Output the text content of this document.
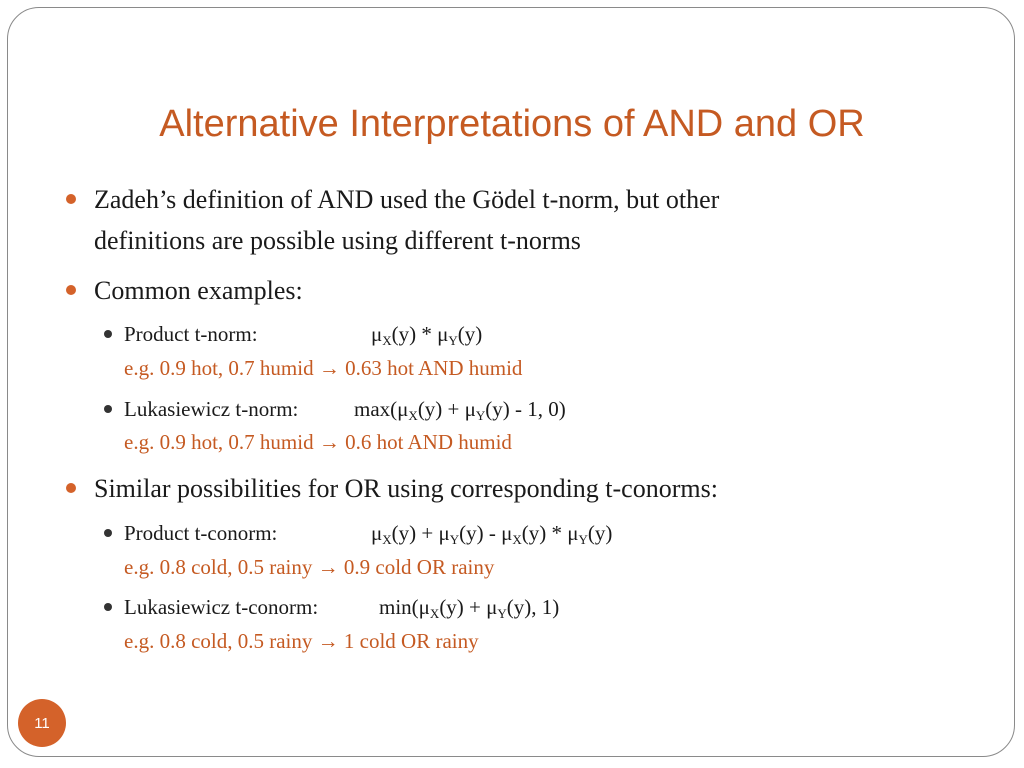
Alternative Interpretations of AND and OR
Zadeh’s definition of AND used the Gödel t-norm, but other
definitions are possible using different t-norms
Common examples:
Product t-norm:	$\mu_X(y) * \mu_Y(y)$
e.g. 0.9 hot, 0.7 humid → 0.63 hot AND humid
Lukasiewicz t-norm:	$\max(\mu_X(y) + \mu_Y(y) - 1$, 0)
e.g. 0.9 hot, 0.7 humid → 0.6 hot AND humid
Similar possibilities for OR using corresponding t-conorms:
Product t-conorm:	$\mu_X(y) + \mu_Y(y) - \mu_X(y) * \mu_Y(y)$
e.g. 0.8 cold, 0.5 rainy → 0.9 cold OR rainy
Lukasiewicz t-conorm:	$\min(\mu_X(y) + \mu_Y(y)$, 1)
e.g. 0.8 cold, 0.5 rainy → 1 cold OR rainy
11
